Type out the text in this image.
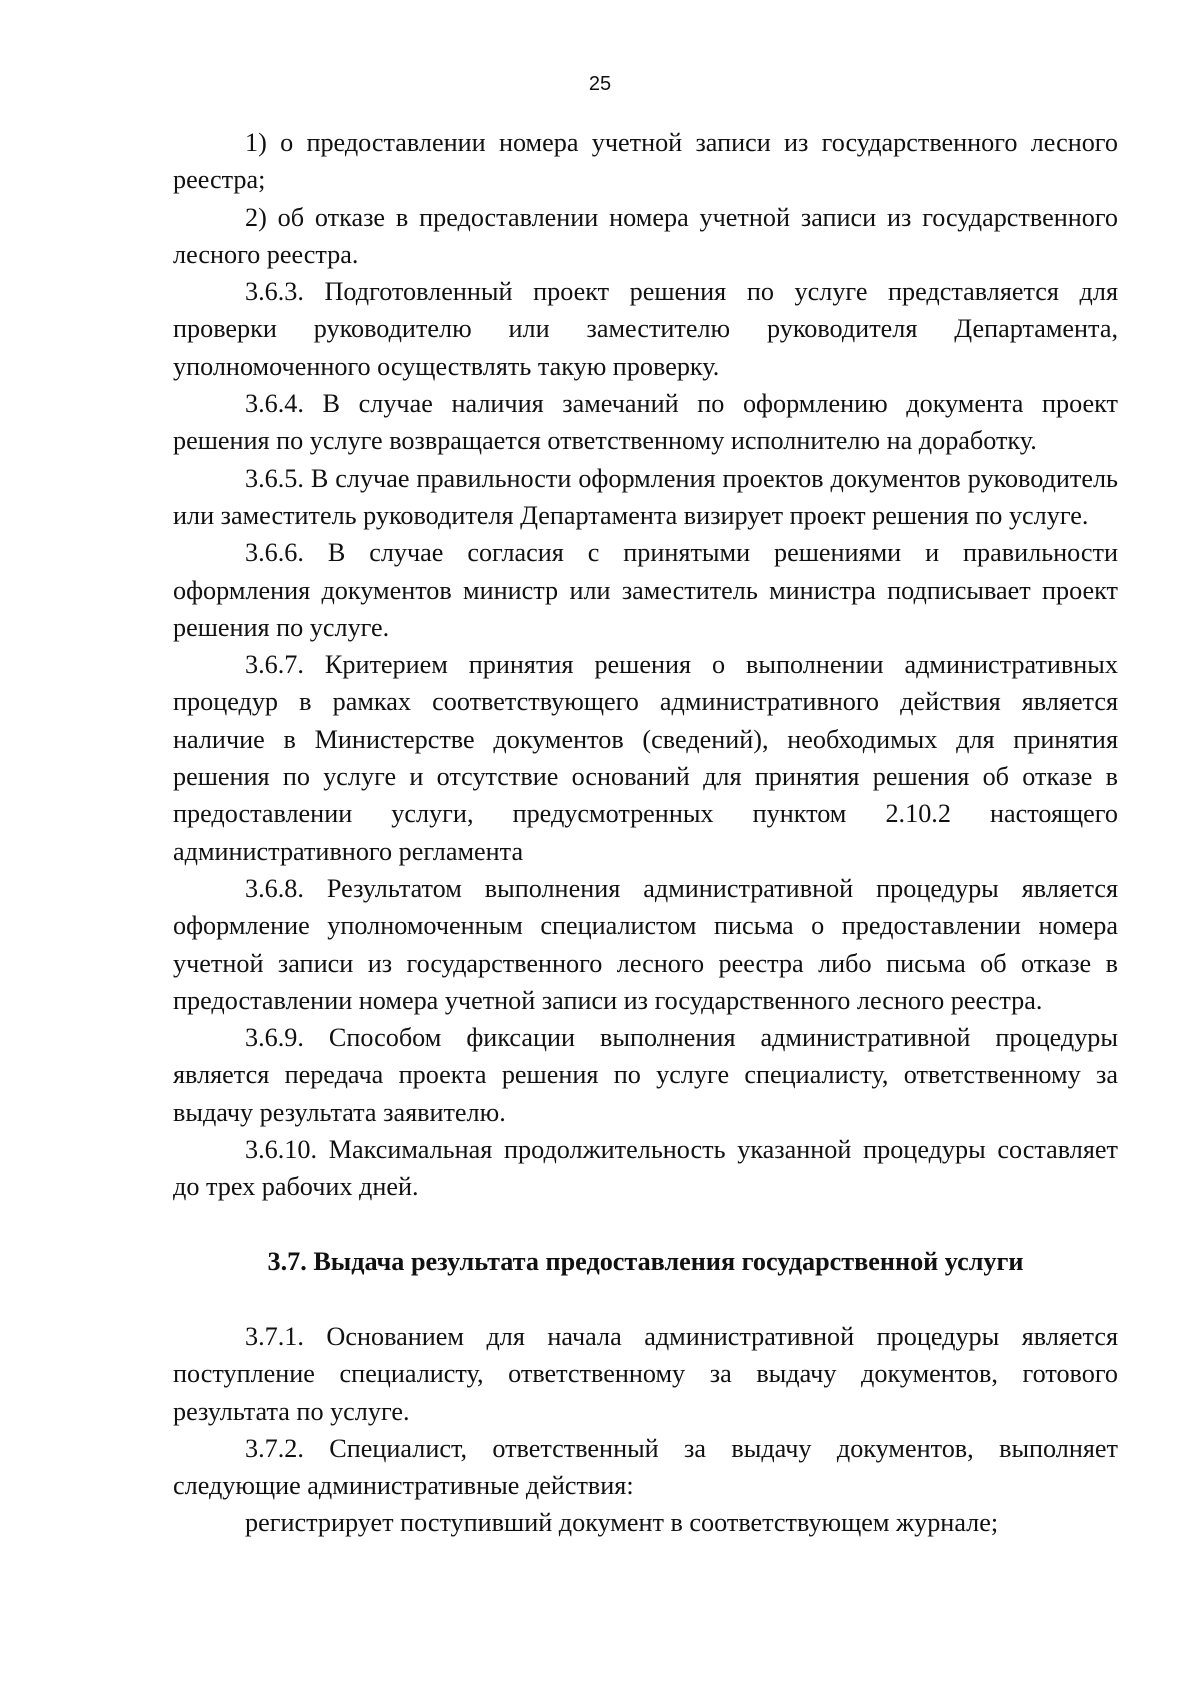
25

1) о предоставлении номера учетной записи из государственного лесного реестра;

2) об отказе в предоставлении номера учетной записи из государственного лесного реестра.

3.6.3. Подготовленный проект решения по услуге представляется для проверки руководителю или заместителю руководителя Департамента, уполномоченного осуществлять такую проверку.

3.6.4. В случае наличия замечаний по оформлению документа проект решения по услуге возвращается ответственному исполнителю на доработку.

3.6.5. В случае правильности оформления проектов документов руководитель или заместитель руководителя Департамента визирует проект решения по услуге.

3.6.6. В случае согласия с принятыми решениями и правильности оформления документов министр или заместитель министра подписывает проект решения по услуге.

3.6.7. Критерием принятия решения о выполнении административных процедур в рамках соответствующего административного действия является наличие в Министерстве документов (сведений), необходимых для принятия решения по услуге и отсутствие оснований для принятия решения об отказе в предоставлении услуги, предусмотренных пунктом 2.10.2 настоящего административного регламента

3.6.8. Результатом выполнения административной процедуры является оформление уполномоченным специалистом письма о предоставлении номера учетной записи из государственного лесного реестра либо письма об отказе в предоставлении номера учетной записи из государственного лесного реестра.

3.6.9. Способом фиксации выполнения административной процедуры является передача проекта решения по услуге специалисту, ответственному за выдачу результата заявителю.

3.6.10. Максимальная продолжительность указанной процедуры составляет до трех рабочих дней.

3.7. Выдача результата предоставления государственной услуги

3.7.1. Основанием для начала административной процедуры является поступление специалисту, ответственному за выдачу документов, готового результата по услуге.

3.7.2. Специалист, ответственный за выдачу документов, выполняет следующие административные действия:

регистрирует поступивший документ в соответствующем журнале;
